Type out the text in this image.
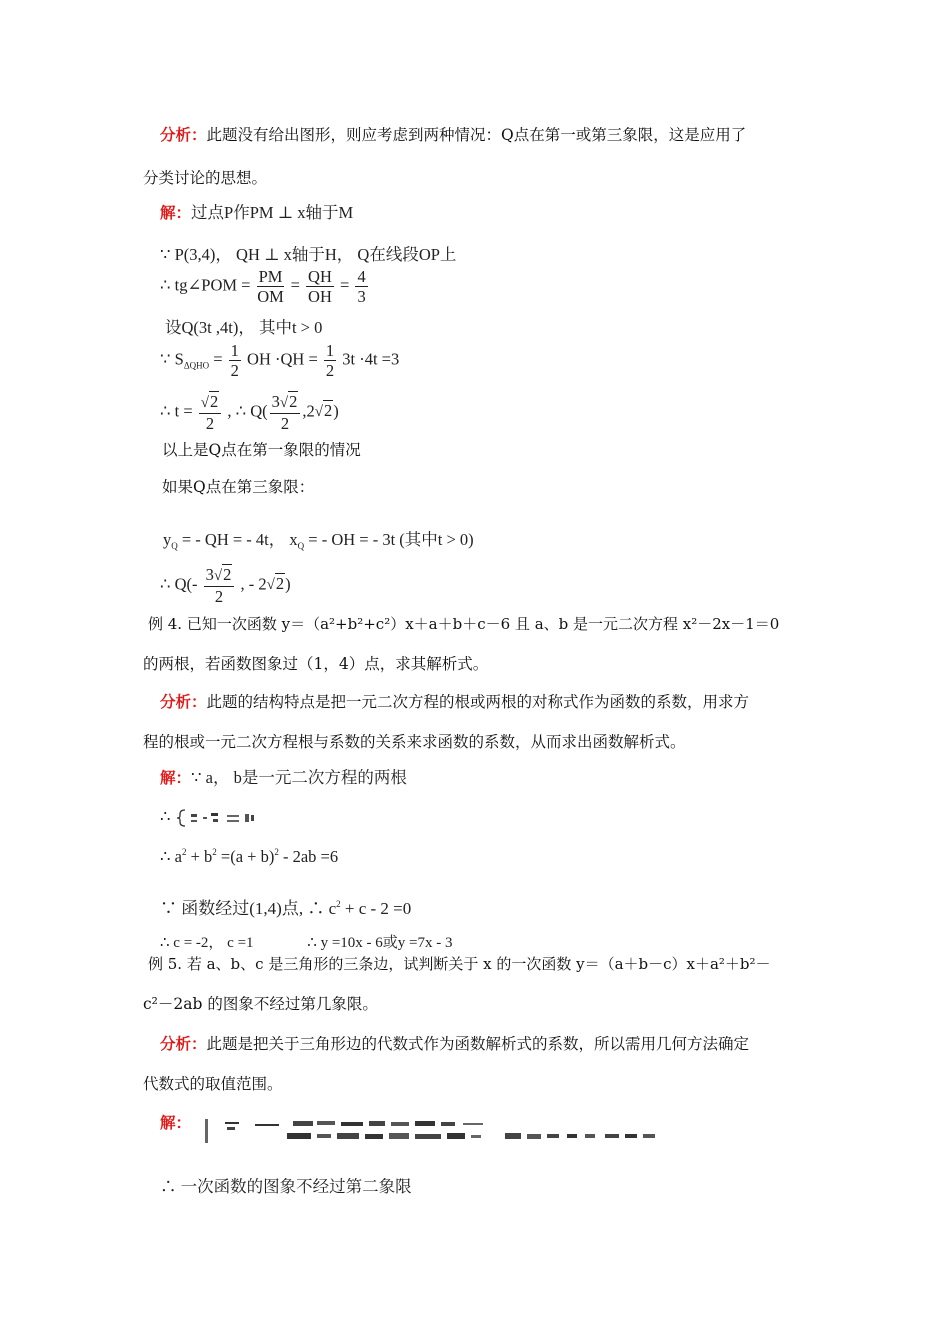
分析：此题没有给出图形，则应考虑到两种情况：Q点在第一或第三象限，这是应用了
分类讨论的思想。
解：过点P作PM ⊥ x轴于M
∵ P(3,4)， QH ⊥ x轴于H， Q在线段OP上
∴ tg∠POM = $\frac{PM}{OM} = \frac{QH}{OH} = \frac{4}{3}$
设Q(3t ,4t)， 其中t > 0
∵ $S_{\Delta QHO} = \frac{1}{2}$ OH $\cdot QH = \frac{1}{2} 3t \cdot 4t =3$
∴ $t = \frac{√2}{2}$ , ∴ $Q( \frac{3√2}{2} ,2√2)$
以上是Q点在第一象限的情况
如果Q点在第三象限：
$y_Q$ = - QH = - 4t， $x_Q$ = - OH = - 3t (其中t > 0)
∴ $Q(- \frac{3√2}{2}$ , - 2√2)
例 4. 已知一次函数 y＝（a²+b²+c²）x＋a＋b＋c－6 且 a、b 是一元二次方程 x²－2x－1＝0
的两根，若函数图象过（1，4）点，求其解析式。
分析：此题的结构特点是把一元二次方程的根或两根的对称式作为函数的系数，用求方
程的根或一元二次方程根与系数的关系来求函数的系数，从而求出函数解析式。
解：∵ a， b是一元二次方程的两根
∴
∴ $a^2 + b^2 =(a + b)^2 - 2ab =6$
∵ 函数经过(1,4)点, ∴ $c^2 + c - 2 =0$
∴ c = -2， c =1	∴ y =10x - 6或y =7x - 3
例 5. 若 a、b、c 是三角形的三条边，试判断关于 x 的一次函数 y＝（a＋b－c）x＋a²＋b²－
c²－2ab 的图象不经过第几象限。
分析：此题是把关于三角形边的代数式作为函数解析式的系数，所以需用几何方法确定
代数式的取值范围。
解：
∴ 一次函数的图象不经过第二象限
